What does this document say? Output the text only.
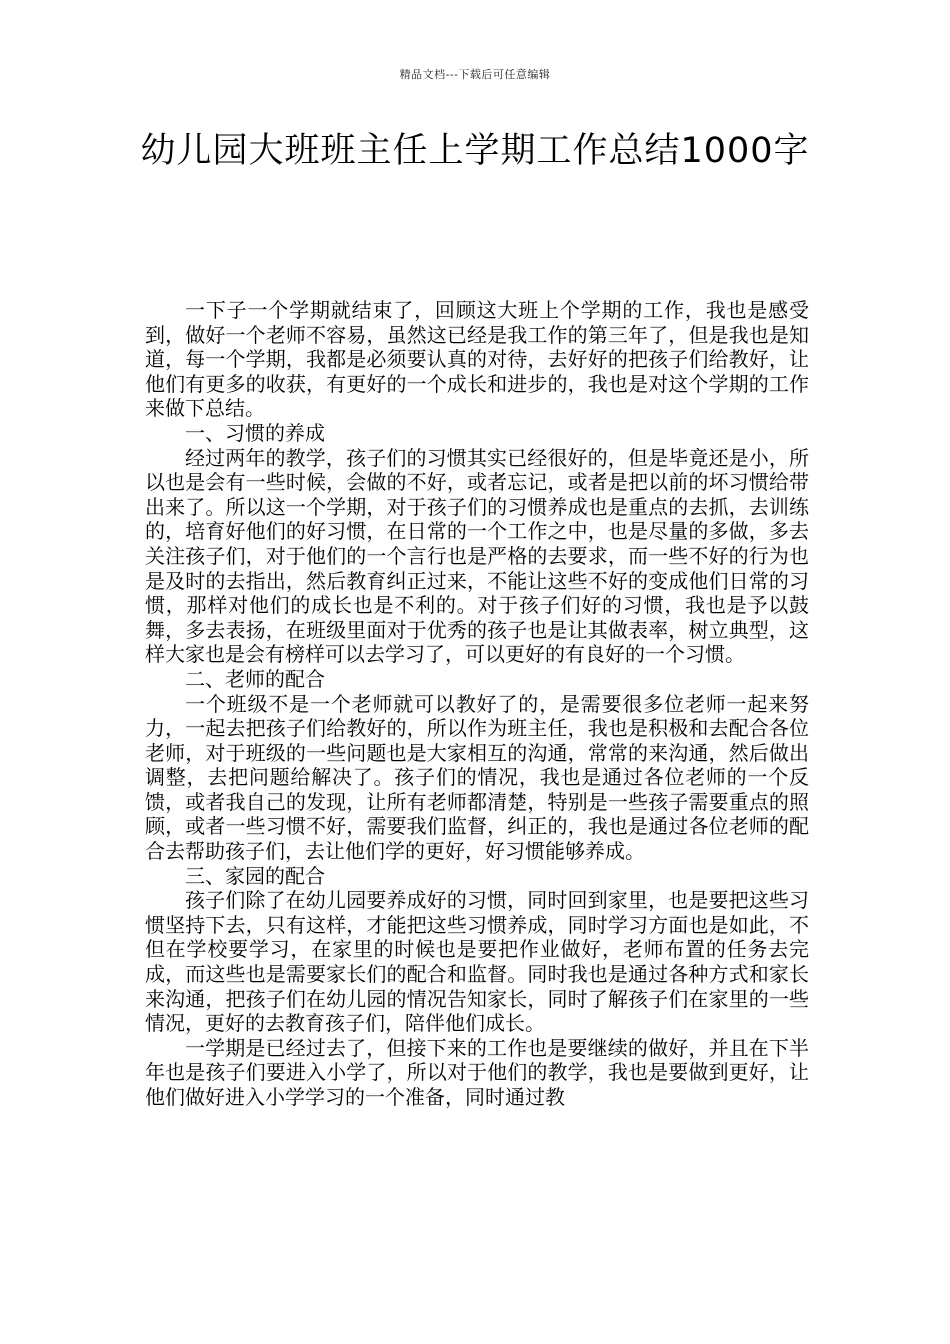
精品文档---下载后可任意编辑
幼儿园大班班主任上学期工作总结1000字

一下子一个学期就结束了，回顾这大班上个学期的工作，我也是感受到，做好一个老师不容易，虽然这已经是我工作的第三年了，但是我也是知道，每一个学期，我都是必须要认真的对待，去好好的把孩子们给教好，让他们有更多的收获，有更好的一个成长和进步的，我也是对这个学期的工作来做下总结。

一、习惯的养成

经过两年的教学，孩子们的习惯其实已经很好的，但是毕竟还是小，所以也是会有一些时候，会做的不好，或者忘记，或者是把以前的坏习惯给带出来了。所以这一个学期，对于孩子们的习惯养成也是重点的去抓，去训练的，培育好他们的好习惯，在日常的一个工作之中，也是尽量的多做，多去关注孩子们，对于他们的一个言行也是严格的去要求，而一些不好的行为也是及时的去指出，然后教育纠正过来，不能让这些不好的变成他们日常的习惯，那样对他们的成长也是不利的。对于孩子们好的习惯，我也是予以鼓舞，多去表扬，在班级里面对于优秀的孩子也是让其做表率，树立典型，这样大家也是会有榜样可以去学习了，可以更好的有良好的一个习惯。

二、老师的配合

一个班级不是一个老师就可以教好了的，是需要很多位老师一起来努力，一起去把孩子们给教好的，所以作为班主任，我也是积极和去配合各位老师，对于班级的一些问题也是大家相互的沟通，常常的来沟通，然后做出调整，去把问题给解决了。孩子们的情况，我也是通过各位老师的一个反馈，或者我自己的发现，让所有老师都清楚，特别是一些孩子需要重点的照顾，或者一些习惯不好，需要我们监督，纠正的，我也是通过各位老师的配合去帮助孩子们，去让他们学的更好，好习惯能够养成。

三、家园的配合

孩子们除了在幼儿园要养成好的习惯，同时回到家里，也是要把这些习惯坚持下去，只有这样，才能把这些习惯养成，同时学习方面也是如此，不但在学校要学习，在家里的时候也是要把作业做好，老师布置的任务去完成，而这些也是需要家长们的配合和监督。同时我也是通过各种方式和家长来沟通，把孩子们在幼儿园的情况告知家长，同时了解孩子们在家里的一些情况，更好的去教育孩子们，陪伴他们成长。

一学期是已经过去了，但接下来的工作也是要继续的做好，并且在下半年也是孩子们要进入小学了，所以对于他们的教学，我也是要做到更好，让他们做好进入小学学习的一个准备，同时通过教
